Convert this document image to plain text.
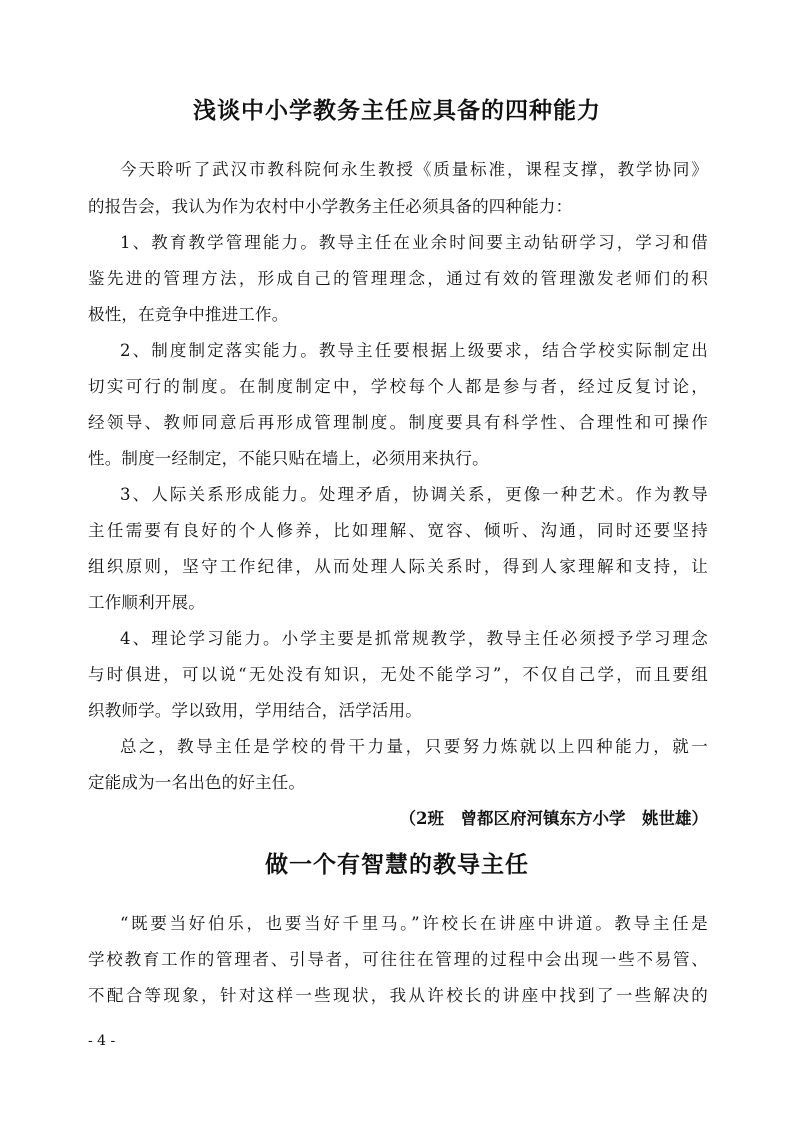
浅谈中小学教务主任应具备的四种能力
今天聆听了武汉市教科院何永生教授《质量标准，课程支撑，教学协同》
的报告会，我认为作为农村中小学教务主任必须具备的四种能力：
1、教育教学管理能力。教导主任在业余时间要主动钻研学习，学习和借
鉴先进的管理方法，形成自己的管理理念，通过有效的管理激发老师们的积
极性，在竞争中推进工作。
2、制度制定落实能力。教导主任要根据上级要求，结合学校实际制定出
切实可行的制度。在制度制定中，学校每个人都是参与者，经过反复讨论，
经领导、教师同意后再形成管理制度。制度要具有科学性、合理性和可操作
性。制度一经制定，不能只贴在墙上，必须用来执行。
3、人际关系形成能力。处理矛盾，协调关系，更像一种艺术。作为教导
主任需要有良好的个人修养，比如理解、宽容、倾听、沟通，同时还要坚持
组织原则，坚守工作纪律，从而处理人际关系时，得到人家理解和支持，让
工作顺利开展。
4、理论学习能力。小学主要是抓常规教学，教导主任必须授予学习理念
与时俱进，可以说“无处没有知识，无处不能学习”，不仅自己学，而且要组
织教师学。学以致用，学用结合，活学活用。
总之，教导主任是学校的骨干力量，只要努力炼就以上四种能力，就一
定能成为一名出色的好主任。
（2班　曾都区府河镇东方小学　姚世雄）
做一个有智慧的教导主任
“既要当好伯乐，也要当好千里马。”许校长在讲座中讲道。教导主任是
学校教育工作的管理者、引导者，可往往在管理的过程中会出现一些不易管、
不配合等现象，针对这样一些现状，我从许校长的讲座中找到了一些解决的
- 4 -
